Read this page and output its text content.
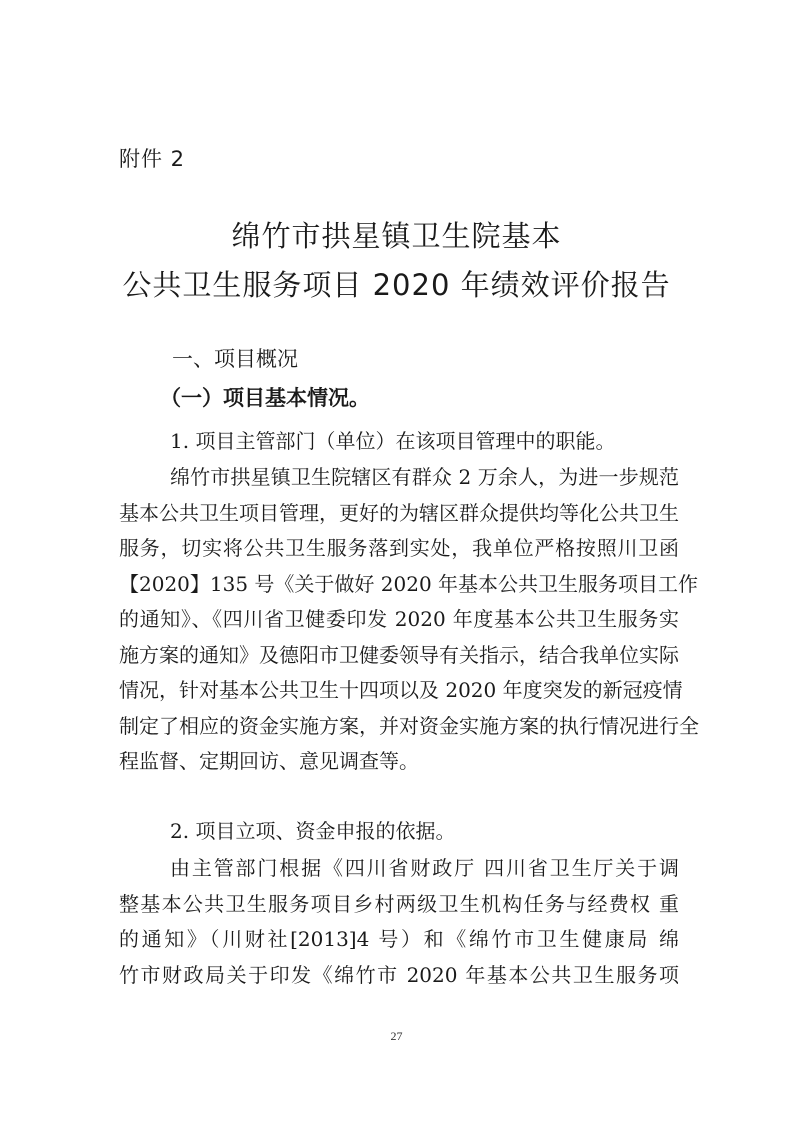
附件 2
绵竹市拱星镇卫生院基本
公共卫生服务项目 2020 年绩效评价报告
一、项目概况
（一）项目基本情况。
1. 项目主管部门（单位）在该项目管理中的职能。
绵竹市拱星镇卫生院辖区有群众 2 万余人，为进一步规范
基本公共卫生项目管理，更好的为辖区群众提供均等化公共卫生
服务，切实将公共卫生服务落到实处，我单位严格按照川卫函
【2020】135 号《关于做好 2020 年基本公共卫生服务项目工作
的通知》、《四川省卫健委印发 2020 年度基本公共卫生服务实
施方案的通知》及德阳市卫健委领导有关指示，结合我单位实际
情况，针对基本公共卫生十四项以及 2020 年度突发的新冠疫情
制定了相应的资金实施方案，并对资金实施方案的执行情况进行全
程监督、定期回访、意见调查等。
2. 项目立项、资金申报的依据。
由主管部门根据《四川省财政厅 四川省卫生厅关于调
整基本公共卫生服务项目乡村两级卫生机构任务与经费权 重
的通知》（川财社[2013]4 号）和《绵竹市卫生健康局 绵
竹市财政局关于印发《绵竹市 2020 年基本公共卫生服务项
27
